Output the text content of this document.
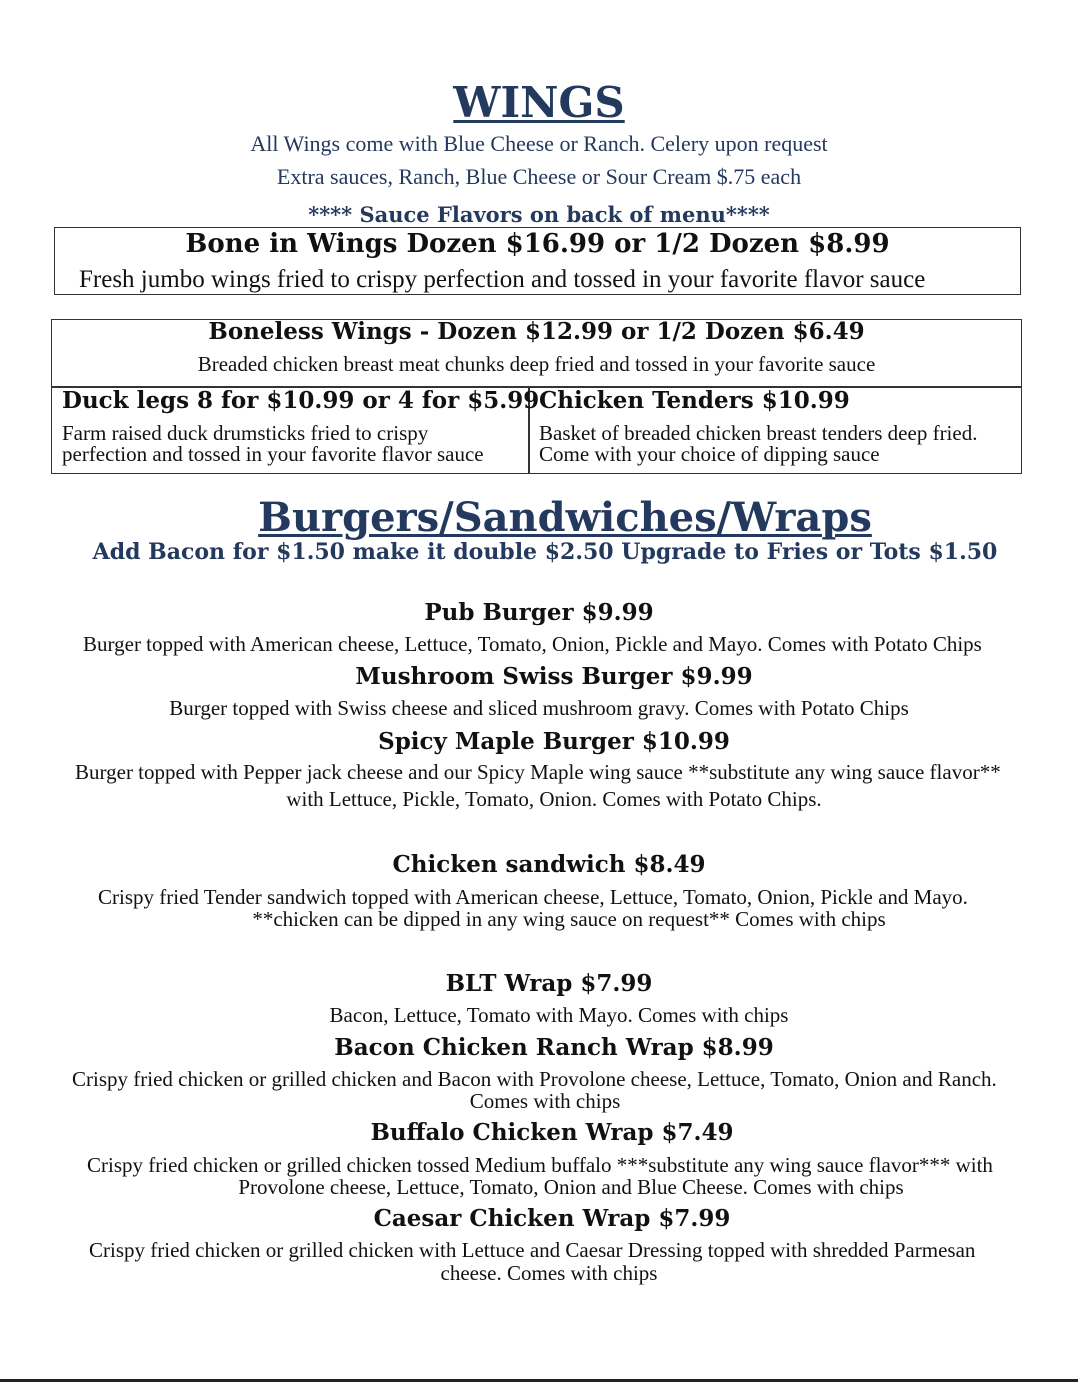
WINGS
All Wings come with Blue Cheese or Ranch. Celery upon request
Extra sauces, Ranch, Blue Cheese or Sour Cream $.75 each
**** Sauce Flavors on back of menu****
Bone in Wings Dozen $16.99 or 1/2 Dozen $8.99
Fresh jumbo wings fried to crispy perfection and tossed in your favorite flavor sauce
Boneless Wings - Dozen $12.99 or 1/2 Dozen $6.49
Breaded chicken breast meat chunks deep fried and tossed in your favorite sauce
Duck legs 8 for $10.99 or 4 for $5.99
Farm raised duck drumsticks fried to crispy
perfection and tossed in your favorite flavor sauce
Chicken Tenders $10.99
Basket of breaded chicken breast tenders deep fried.
Come with your choice of dipping sauce
Burgers/Sandwiches/Wraps
Add Bacon for $1.50 make it double $2.50 Upgrade to Fries or Tots $1.50
Pub Burger $9.99
Burger topped with American cheese, Lettuce, Tomato, Onion, Pickle and Mayo. Comes with Potato Chips
Mushroom Swiss Burger $9.99
Burger topped with Swiss cheese and sliced mushroom gravy. Comes with Potato Chips
Spicy Maple Burger $10.99
Burger topped with Pepper jack cheese and our Spicy Maple wing sauce **substitute any wing sauce flavor**
with Lettuce, Pickle, Tomato, Onion. Comes with Potato Chips.
Chicken sandwich $8.49
Crispy fried Tender sandwich topped with American cheese, Lettuce, Tomato, Onion, Pickle and Mayo.
**chicken can be dipped in any wing sauce on request** Comes with chips
BLT Wrap $7.99
Bacon, Lettuce, Tomato with Mayo. Comes with chips
Bacon Chicken Ranch Wrap $8.99
Crispy fried chicken or grilled chicken and Bacon with Provolone cheese, Lettuce, Tomato, Onion and Ranch.
Comes with chips
Buffalo Chicken Wrap $7.49
Crispy fried chicken or grilled chicken tossed Medium buffalo ***substitute any wing sauce flavor*** with
Provolone cheese, Lettuce, Tomato, Onion and Blue Cheese. Comes with chips
Caesar Chicken Wrap $7.99
Crispy fried chicken or grilled chicken with Lettuce and Caesar Dressing topped with shredded Parmesan
cheese. Comes with chips
